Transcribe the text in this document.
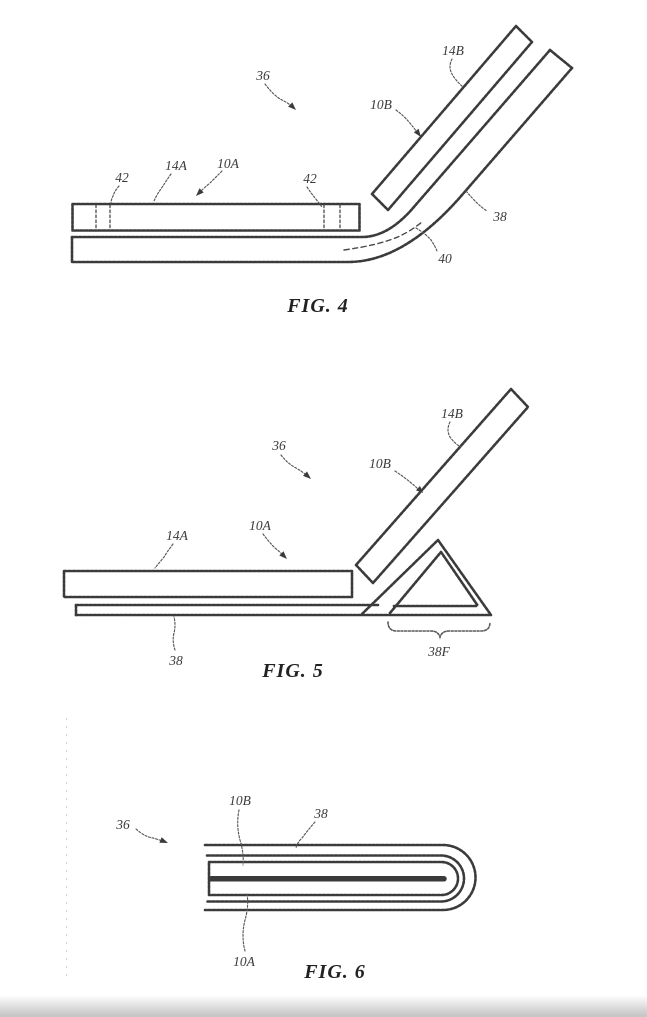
36
14B
10B
42
14A 10A
42
38
40
FIG. 4
36
14B
10B
14A
10A
38
38F
FIG. 5
36
10B
38
10A FIG. 6
